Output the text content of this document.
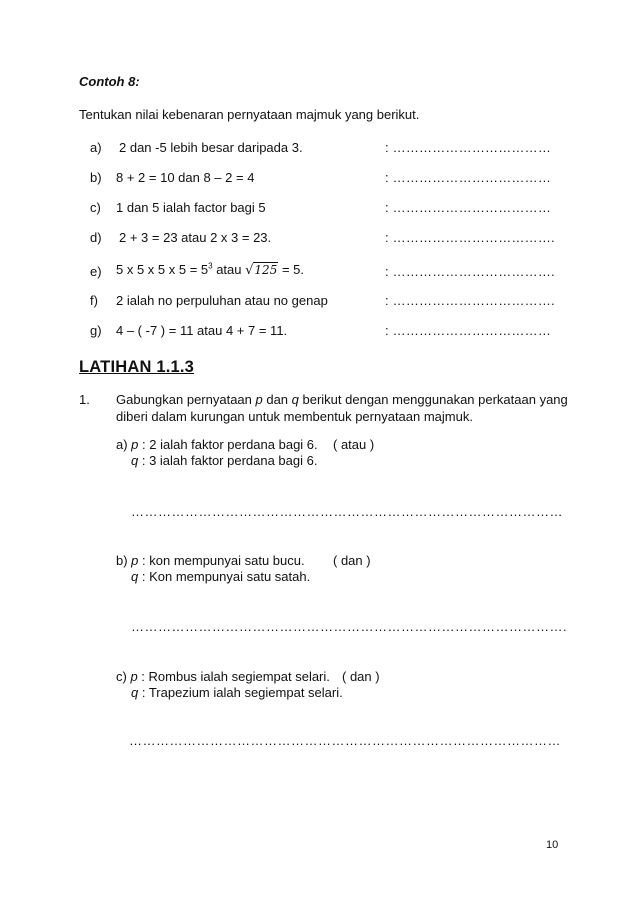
Contoh 8:
Tentukan nilai kebenaran pernyataan majmuk yang berikut.
a) 2 dan -5 lebih besar daripada 3.	: ………………………………
b) 8 + 2 = 10 dan 8 – 2 = 4	: ………………………………
c) 1 dan 5 ialah factor bagi 5	: ………………………………
d) 2 + 3 = 23 atau 2 x 3 = 23.	: ……………………………….
e) 5 x 5 x 5 x $5 = 5^3$ atau √125 = 5.	: ……………………………….
f) 2 ialah no perpuluhan atau no genap	: ……………………………….
g) 4 – ( -7 ) = 11 atau 4 + 7 = 11.	: ………………………………
LATIHAN 1.1.3
1. Gabungkan pernyataan p dan q berikut dengan menggunakan perkataan yang
diberi dalam kurungan untuk membentuk pernyataan majmuk.
a) p : 2 ialah faktor perdana bagi 6. ( atau )
q : 3 ialah faktor perdana bagi 6.
……………………………………………………………………………………
b) p : kon mempunyai satu bucu. ( dan )
q : Kon mempunyai satu satah.
…………………………………………………………………………………….
c) p : Rombus ialah segiempat selari. ( dan )
q : Trapezium ialah segiempat selari.
……………………………………………………………………………………
10
